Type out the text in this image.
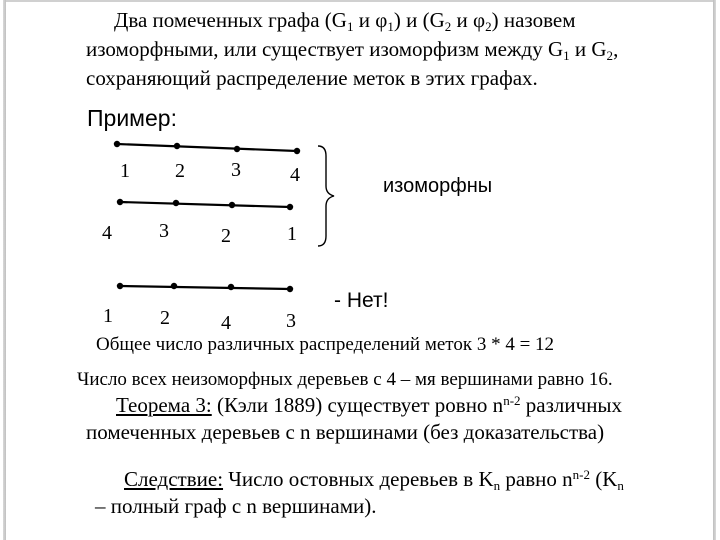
Два помеченных графа ($G_1$ и $\varphi_1$) и ($G_2$ и $\varphi_2$) назовем
изоморфными, или существует изоморфизм между $G_1$ и $G_2$,
сохраняющий распределение меток в этих графах.
Пример:
1 2 3 4
4 3	2	1
изоморфны
1 2	4	3
- Нет!
Общее число различных распределений меток 3 * 4 = 12
Число всех неизоморфных деревьев с 4 – мя вершинами равно 16.
Теорема 3: (Кэли 1889) существует ровно $n^{n-2}$ различных
помеченных деревьев с n вершинами (без доказательства)
Следствие: Число остовных деревьев в $K_n$ равно $n^{n-2}$ ($K_n$
– полный граф с n вершинами).
